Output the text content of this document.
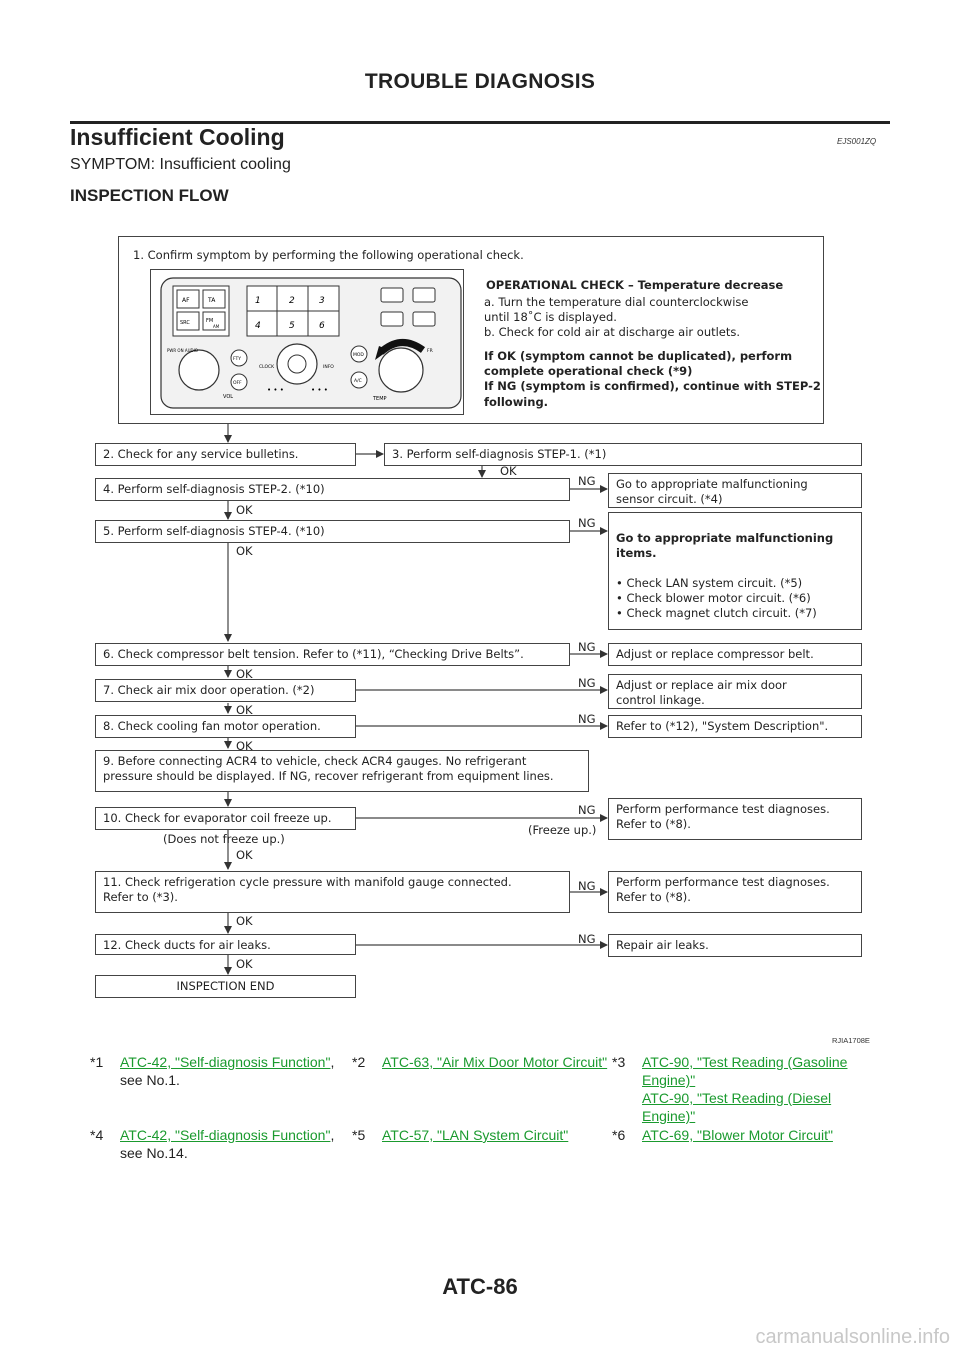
TROUBLE DIAGNOSIS
Insufficient Cooling	EJS001ZQ
SYMPTOM: Insufficient cooling
INSPECTION FLOW
1. Confirm symptom by performing the following operational check.
AF	TA
SRC	FM
AM
1	2	3
4	5	6
PWR ON AUDIO
VOL
FTY
OFF
CLOCK	INFO
• • •	• • •
MOD
A/C
TEMP
FR
OPERATIONAL CHECK – Temperature decrease
a. Turn the temperature dial counterclockwise
until 18˚C is displayed.
b. Check for cold air at discharge air outlets.
If OK (symptom cannot be duplicated), perform
complete operational check (*9)
If NG (symptom is confirmed), continue with STEP-2
following.
2. Check for any service bulletins.	3. Perform self-diagnosis STEP-1. (*1)
4. Perform self-diagnosis STEP-2. (*10)	Go to appropriate malfunctioning
sensor circuit. (*4)
5. Perform self-diagnosis STEP-4. (*10)	Go to appropriate malfunctioning
items.

• Check LAN system circuit. (*5)
• Check blower motor circuit. (*6)
• Check magnet clutch circuit. (*7)

6. Check compressor belt tension. Refer to (*11), “Checking Drive Belts”.	Adjust or replace compressor belt.
7. Check air mix door operation. (*2)	Adjust or replace air mix door
control linkage.
8. Check cooling fan motor operation.	Refer to (*12), "System Description".
9. Before connecting ACR4 to vehicle, check ACR4 gauges. No refrigerant
pressure should be displayed. If NG, recover refrigerant from equipment lines.
10. Check for evaporator coil freeze up.
Perform performance test diagnoses.
Refer to (*8).
11. Check refrigeration cycle pressure with manifold gauge connected.
Refer to (*3).
Perform performance test diagnoses.
Refer to (*8).
12. Check ducts for air leaks.	Repair air leaks.
INSPECTION END
OK
OK
OK
OK
OK
OK
OK
OK
OK
NG
NG
NG
NG
NG
NG
NG
NG
(Does not freeze up.)
(Freeze up.)
RJIA1708E
*1 ATC-42, "Self-diagnosis Function",
see No.1.
*2 ATC-63, "Air Mix Door Motor Circuit" *3 ATC-90, "Test Reading (Gasoline
Engine)"
ATC-90, "Test Reading (Diesel
Engine)"
*4 ATC-42, "Self-diagnosis Function",
see No.14.
*5 ATC-57, "LAN System Circuit"	*6 ATC-69, "Blower Motor Circuit"
ATC-86
carmanualsonline.info
